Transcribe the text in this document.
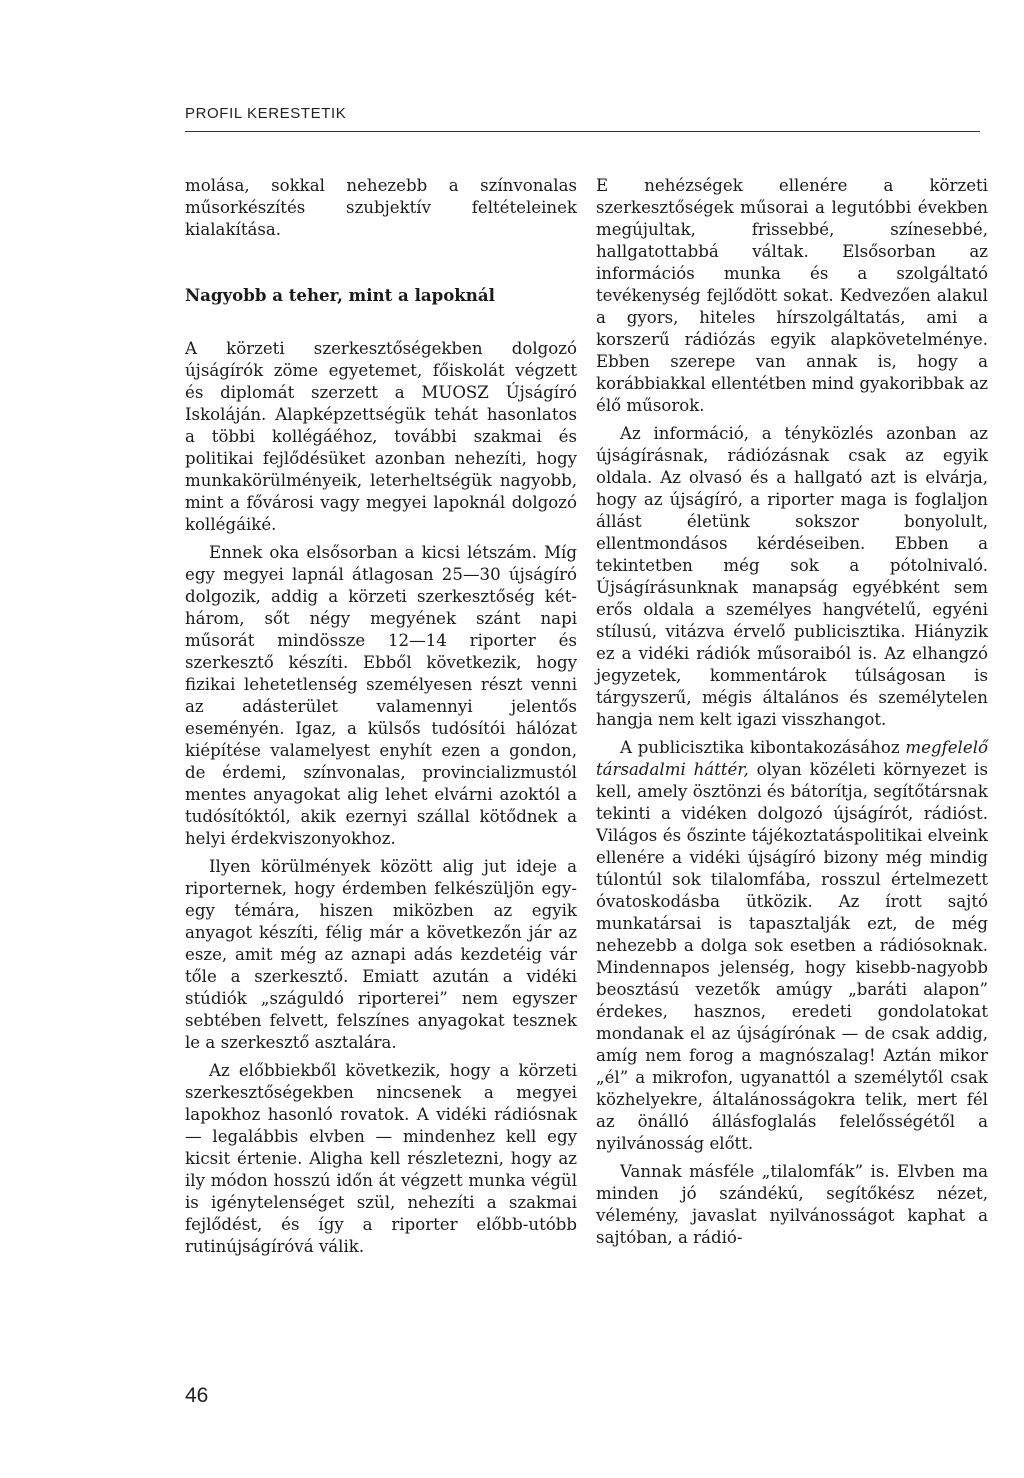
PROFIL KERESTETIK

molása, sokkal nehezebb a színvonalas műsorkészítés szubjektív feltételeinek kialakítása.

Nagyobb a teher, mint a lapoknál

A körzeti szerkesztőségekben dolgozó újságírók zöme egyetemet, főiskolát végzett és diplomát szerzett a MUOSZ Újságíró Iskoláján. Alapképzettségük tehát hasonlatos a többi kollégáéhoz, további szakmai és politikai fejlődésüket azonban nehezíti, hogy munkakörülményeik, leterheltségük nagyobb, mint a fővárosi vagy megyei lapoknál dolgozó kollégáiké.

Ennek oka elsősorban a kicsi létszám. Míg egy megyei lapnál átlagosan 25—30 újságíró dolgozik, addig a körzeti szerkesztőség két-három, sőt négy megyének szánt napi műsorát mindössze 12—14 riporter és szerkesztő készíti. Ebből következik, hogy fizikai lehetetlenség személyesen részt venni az adásterület valamennyi jelentős eseményén. Igaz, a külsős tudósítói hálózat kiépítése valamelyest enyhít ezen a gondon, de érdemi, színvonalas, provincializmustól mentes anyagokat alig lehet elvárni azoktól a tudósítóktól, akik ezernyi szállal kötődnek a helyi érdekviszonyokhoz.

Ilyen körülmények között alig jut ideje a riporternek, hogy érdemben felkészüljön egy-egy témára, hiszen miközben az egyik anyagot készíti, félig már a következőn jár az esze, amit még az aznapi adás kezdetéig vár tőle a szerkesztő. Emiatt azután a vidéki stúdiók „száguldó riporterei” nem egyszer sebtében felvett, felszínes anyagokat tesznek le a szerkesztő asztalára.

Az előbbiekből következik, hogy a körzeti szerkesztőségekben nincsenek a megyei lapokhoz hasonló rovatok. A vidéki rádiósnak — legalábbis elvben — mindenhez kell egy kicsit értenie. Aligha kell részletezni, hogy az ily módon hosszú időn át végzett munka végül is igénytelenséget szül, nehezíti a szakmai fejlődést, és így a riporter előbb-utóbb rutinújságíróvá válik.

E nehézségek ellenére a körzeti szerkesztőségek műsorai a legutóbbi években megújultak, frissebbé, színesebbé, hallgatottabbá váltak. Elsősorban az információs munka és a szolgáltató tevékenység fejlődött sokat. Kedvezően alakul a gyors, hiteles hírszolgáltatás, ami a korszerű rádiózás egyik alapkövetelménye. Ebben szerepe van annak is, hogy a korábbiakkal ellentétben mind gyakoribbak az élő műsorok.

Az információ, a tényközlés azonban az újságírásnak, rádiózásnak csak az egyik oldala. Az olvasó és a hallgató azt is elvárja, hogy az újságíró, a riporter maga is foglaljon állást életünk sokszor bonyolult, ellentmondásos kérdéseiben. Ebben a tekintetben még sok a pótolnivaló. Újságírásunknak manapság egyébként sem erős oldala a személyes hangvételű, egyéni stílusú, vitázva érvelő publicisztika. Hiányzik ez a vidéki rádiók műsoraiból is. Az elhangzó jegyzetek, kommentárok túlságosan is tárgyszerű, mégis általános és személytelen hangja nem kelt igazi visszhangot.

A publicisztika kibontakozásához megfelelő társadalmi háttér, olyan közéleti környezet is kell, amely ösztönzi és bátorítja, segítőtársnak tekinti a vidéken dolgozó újságírót, rádióst. Világos és őszinte tájékoztatáspolitikai elveink ellenére a vidéki újságíró bizony még mindig túlontúl sok tilalomfába, rosszul értelmezett óvatoskodásba ütközik. Az írott sajtó munkatársai is tapasztalják ezt, de még nehezebb a dolga sok esetben a rádiósoknak. Mindennapos jelenség, hogy kisebb-nagyobb beosztású vezetők amúgy „baráti alapon” érdekes, hasznos, eredeti gondolatokat mondanak el az újságírónak — de csak addig, amíg nem forog a magnószalag! Aztán mikor „él” a mikrofon, ugyanattól a személytől csak közhelyekre, általánosságokra telik, mert fél az önálló állásfoglalás felelősségétől a nyilvánosság előtt.

Vannak másféle „tilalomfák” is. Elvben ma minden jó szándékú, segítőkész nézet, vélemény, javaslat nyilvánosságot kaphat a sajtóban, a rádió-

46
